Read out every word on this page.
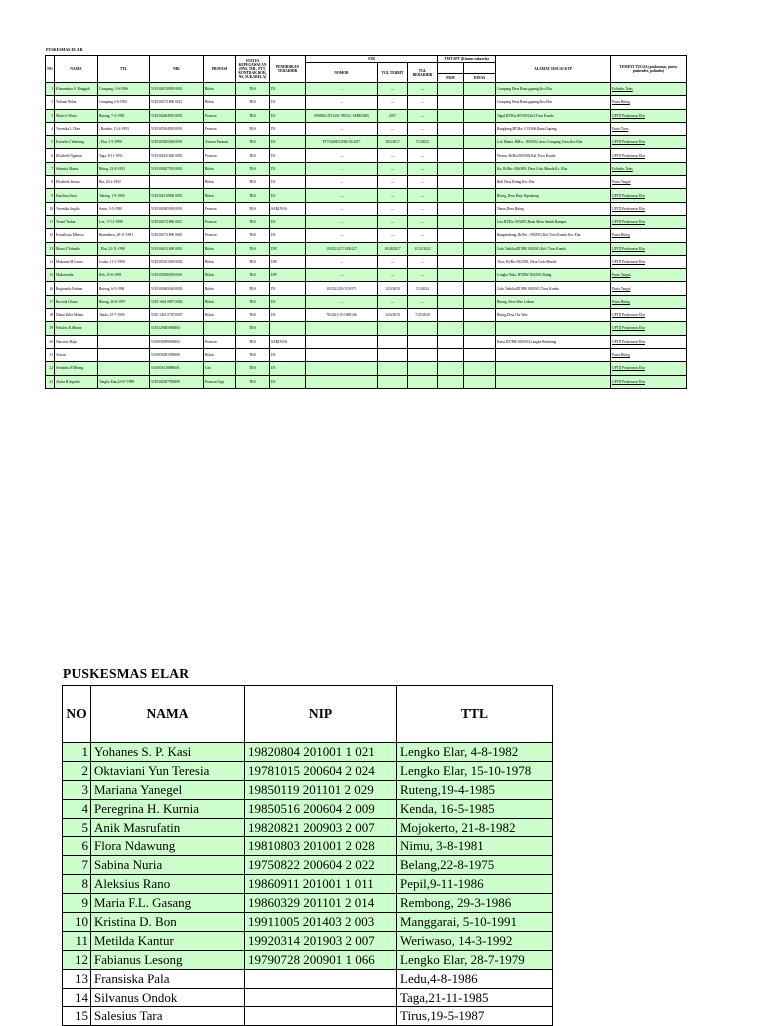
PUSKESMAS ELAR
NO	NAMA	TTL	NIK	PROFESI	STATUS KEPEGAWAI AN (PNS, THL, PTT, KONTRAK BOK, NS, SUKARELA)	PENDIDIKAN TERAKHIR	STR			TMT SPT (Khusus sukarela)		ALAMAT SESUAI KTP	TEMPAT TUGAS (puskesmas, pustu, puskesdes, polindes)
							NOMOR	TGL TERBIT	TGL BERAKHIR				
										PKM	DINAS		
1	Klementina S. Ringgek	Compang, 3-6-1996	5319106510890 0001	Bidan	TKS	D3	—	—	—			Compang Desa Rana gapang,Kec.Elar	Polindes Tetes
2	Yuliana Nelan	Compang,2-6-1992	5319104711890 0021	Bidan	TKS	D3	—	—	—			Compang Desa Rana gapang,Kec.Elar	Pustu Biting
3	Maria S.Wona	Ruteng, 7-4-1993	5319104604930 0001	Perawat	TKS	D3	09038014731201-78033 ( SERKOM)	2017	—			Tagal,RT/Rw.007/003,Kel.Tiwu Kondo	UPTD Puskesmas Elar
4	Veronika L.Olan	, Rondeo, 13-4-1993	5319105304930 0001	Perawat	TKS	D3	—	—	—			Rangkang,RT/Rw. 013/006,Rana Gapang	Pustu Tiwu
5	Kornelis I.Warrang	, Elar, 3-5-1990	5319100305900 0001	Asisten Farmasi	TKS	D3	FTT/6484510/06-IX/2017	18/3/2017	5/3/2022			Lok Mania, RtRw : 005/002, desa Compang Tonn,Kec.Elar	UPTD Puskesmas Elar
6	Elisabeth Ngamut	Taga, 8-11-1992	5319104411920 0001	Perawat	TKS	D3	—	—	—			Wesuu, Rt/Rw.009/003,Kel.Tiwu Kondo	UPTD Puskesmas Elar
7	Sebastia Mania	Biting, 22-8-1993	5319106207930 0001	Bidan	TKS	D3	—	—	—			Iks, Rt/Rw: 006/003, Desa Golo Munde,Kc. Elar	Polindes Tetes
8	Elisabeth Jerona	Bia, 26-2-1992		Bidan	TKS	D3	—	—	—			Bidi Desa Biting,Kec.Elar	Pustu Tangal
9	Karolina Siota	Tekeng, 1-9-1990	5319104110900 0001	Bidan	TKS	D3	—	—	—			Biting, Desa Haju Ngendong	UPTD Puskesmas Elar
10	Veronika Angila	Sawu, 3-5-1990	5319104305900 0001	Perawat	TKS	SARJANA	—	—	—			Nurus,Desa Biting	UPTD Puskesmas Elar
11	Yosinf Yudan	Lee, 17-11-1989	5319104711890 0021	Perawat	TKS	D3	—	—	—			Lire,RT/Rw 003/003,Rana Mesa Santik Rampas	UPTD Puskesmas Elar
12	Kornilissia Mbewa	Runembeu, 28-11-1991	5319104711890 0001	Perawat	TKS	D3	—	—	—			Rangembong, Rt/Rw : 005/003,Kel.Tiwu Kondo,Kec.Elar	Pustu Biting
13	Maria F.Yelenda	, Elar, 23-11-1990	5319106311900 0001	Bidan	TKS	DIV	19/2521217/1450127	10/28/2017	11/23/2022			Golo Nabika,RT/RW 002/001,Kel. Tiwu Kondo	UPTD Puskesmas Elar
14	Maksima M.Lema	Lodus, 11-1-1990	5319105101900 0002	Bidan	TKS	DIV	—	—	—			Tiwu, Rt/Rw 002/003, Desa Golo Munde	UPTD Puskesmas Elar
15	Maksensilia	Ileh, 15-6-1993	5319105506930 0001	Bidan	TKS	DIV	—	—	—			Lengko Nulu, RT/RW 002/001,Biting	Pustu Tangal
16	Regionalis Fatima	Ruteng, 6-5-1994	5319104605940 0003	Bidan	TKS	D3	19/2521219/1150171	12/3/2019	5/3/2024			Golo Nabika,RT/RW 002/001,Tiwu Kondo	Pustu Tangal
17	Raviola Uhana	Biteng, 26-8-1997	5319 1664 0897 0002	Bidan	TKS	D3	—	—	—			Biteng, Desa Wae Lokom	Pustu Biting
18	Diana Yulia Mania	Tenda, 25-7-1995	5310 1265 0795 0007	Bidan	TKS	D3	78/2021/15-1069146	12/6/2019	7/25/2020			Biting,Desa Ulu Wae	UPTD Puskesmas Elar
19	Frikiliss K.Mania		5319125605960004		TKS								UPTD Puskesmas Elar
20	Narcisse Maju		5319056099960004	Perawat	TKS	SARJANA						Karot,RT/RW 018/004,Langke Rembong	UPTD Puskesmas Elar
21	Asriati		5319056581990008	Bidan	TKS	D3							Pustu Biting
22	Stefanika F.Mbang		5319056110880001	Giri	TKS	D3							UPTD Puskesmas Elar
23	Avrita B.Jupuleo	Tengko Elar,22-07-1999	5319104507990008	Perawat Gigi	TKS	D3							UPTD Puskesmas Elar
PUSKESMAS ELAR
NO	NAMA	NIP	TTL
1	Yohanes S. P. Kasi	19820804 201001 1 021	Lengko Elar, 4-8-1982
2	Oktaviani Yun Teresia	19781015 200604 2 024	Lengko Elar, 15-10-1978
3	Mariana Yanegel	19850119 201101 2 029	Ruteng,19-4-1985
4	Peregrina H. Kurnia	19850516 200604 2 009	Kenda, 16-5-1985
5	Anik Masrufatin	19820821 200903 2 007	Mojokerto, 21-8-1982
6	Flora Ndawung	19810803 201001 2 028	Nimu, 3-8-1981
7	Sabina Nuria	19750822 200604 2 022	Belang,22-8-1975
8	Aleksius Rano	19860911 201001 1 011	Pepil,9-11-1986
9	Maria F.L. Gasang	19860329 201101 2 014	Rembong, 29-3-1986
10	Kristina D. Bon	19911005 201403 2 003	Manggarai, 5-10-1991
11	Metilda Kantur	19920314 201903 2 007	Weriwaso, 14-3-1992
12	Fabianus Lesong	19790728 200901 1 066	Lengko Elar, 28-7-1979
13	Fransiska Pala		Ledu,4-8-1986
14	Silvanus Ondok		Taga,21-11-1985
15	Salesius Tara		Tirus,19-5-1987
